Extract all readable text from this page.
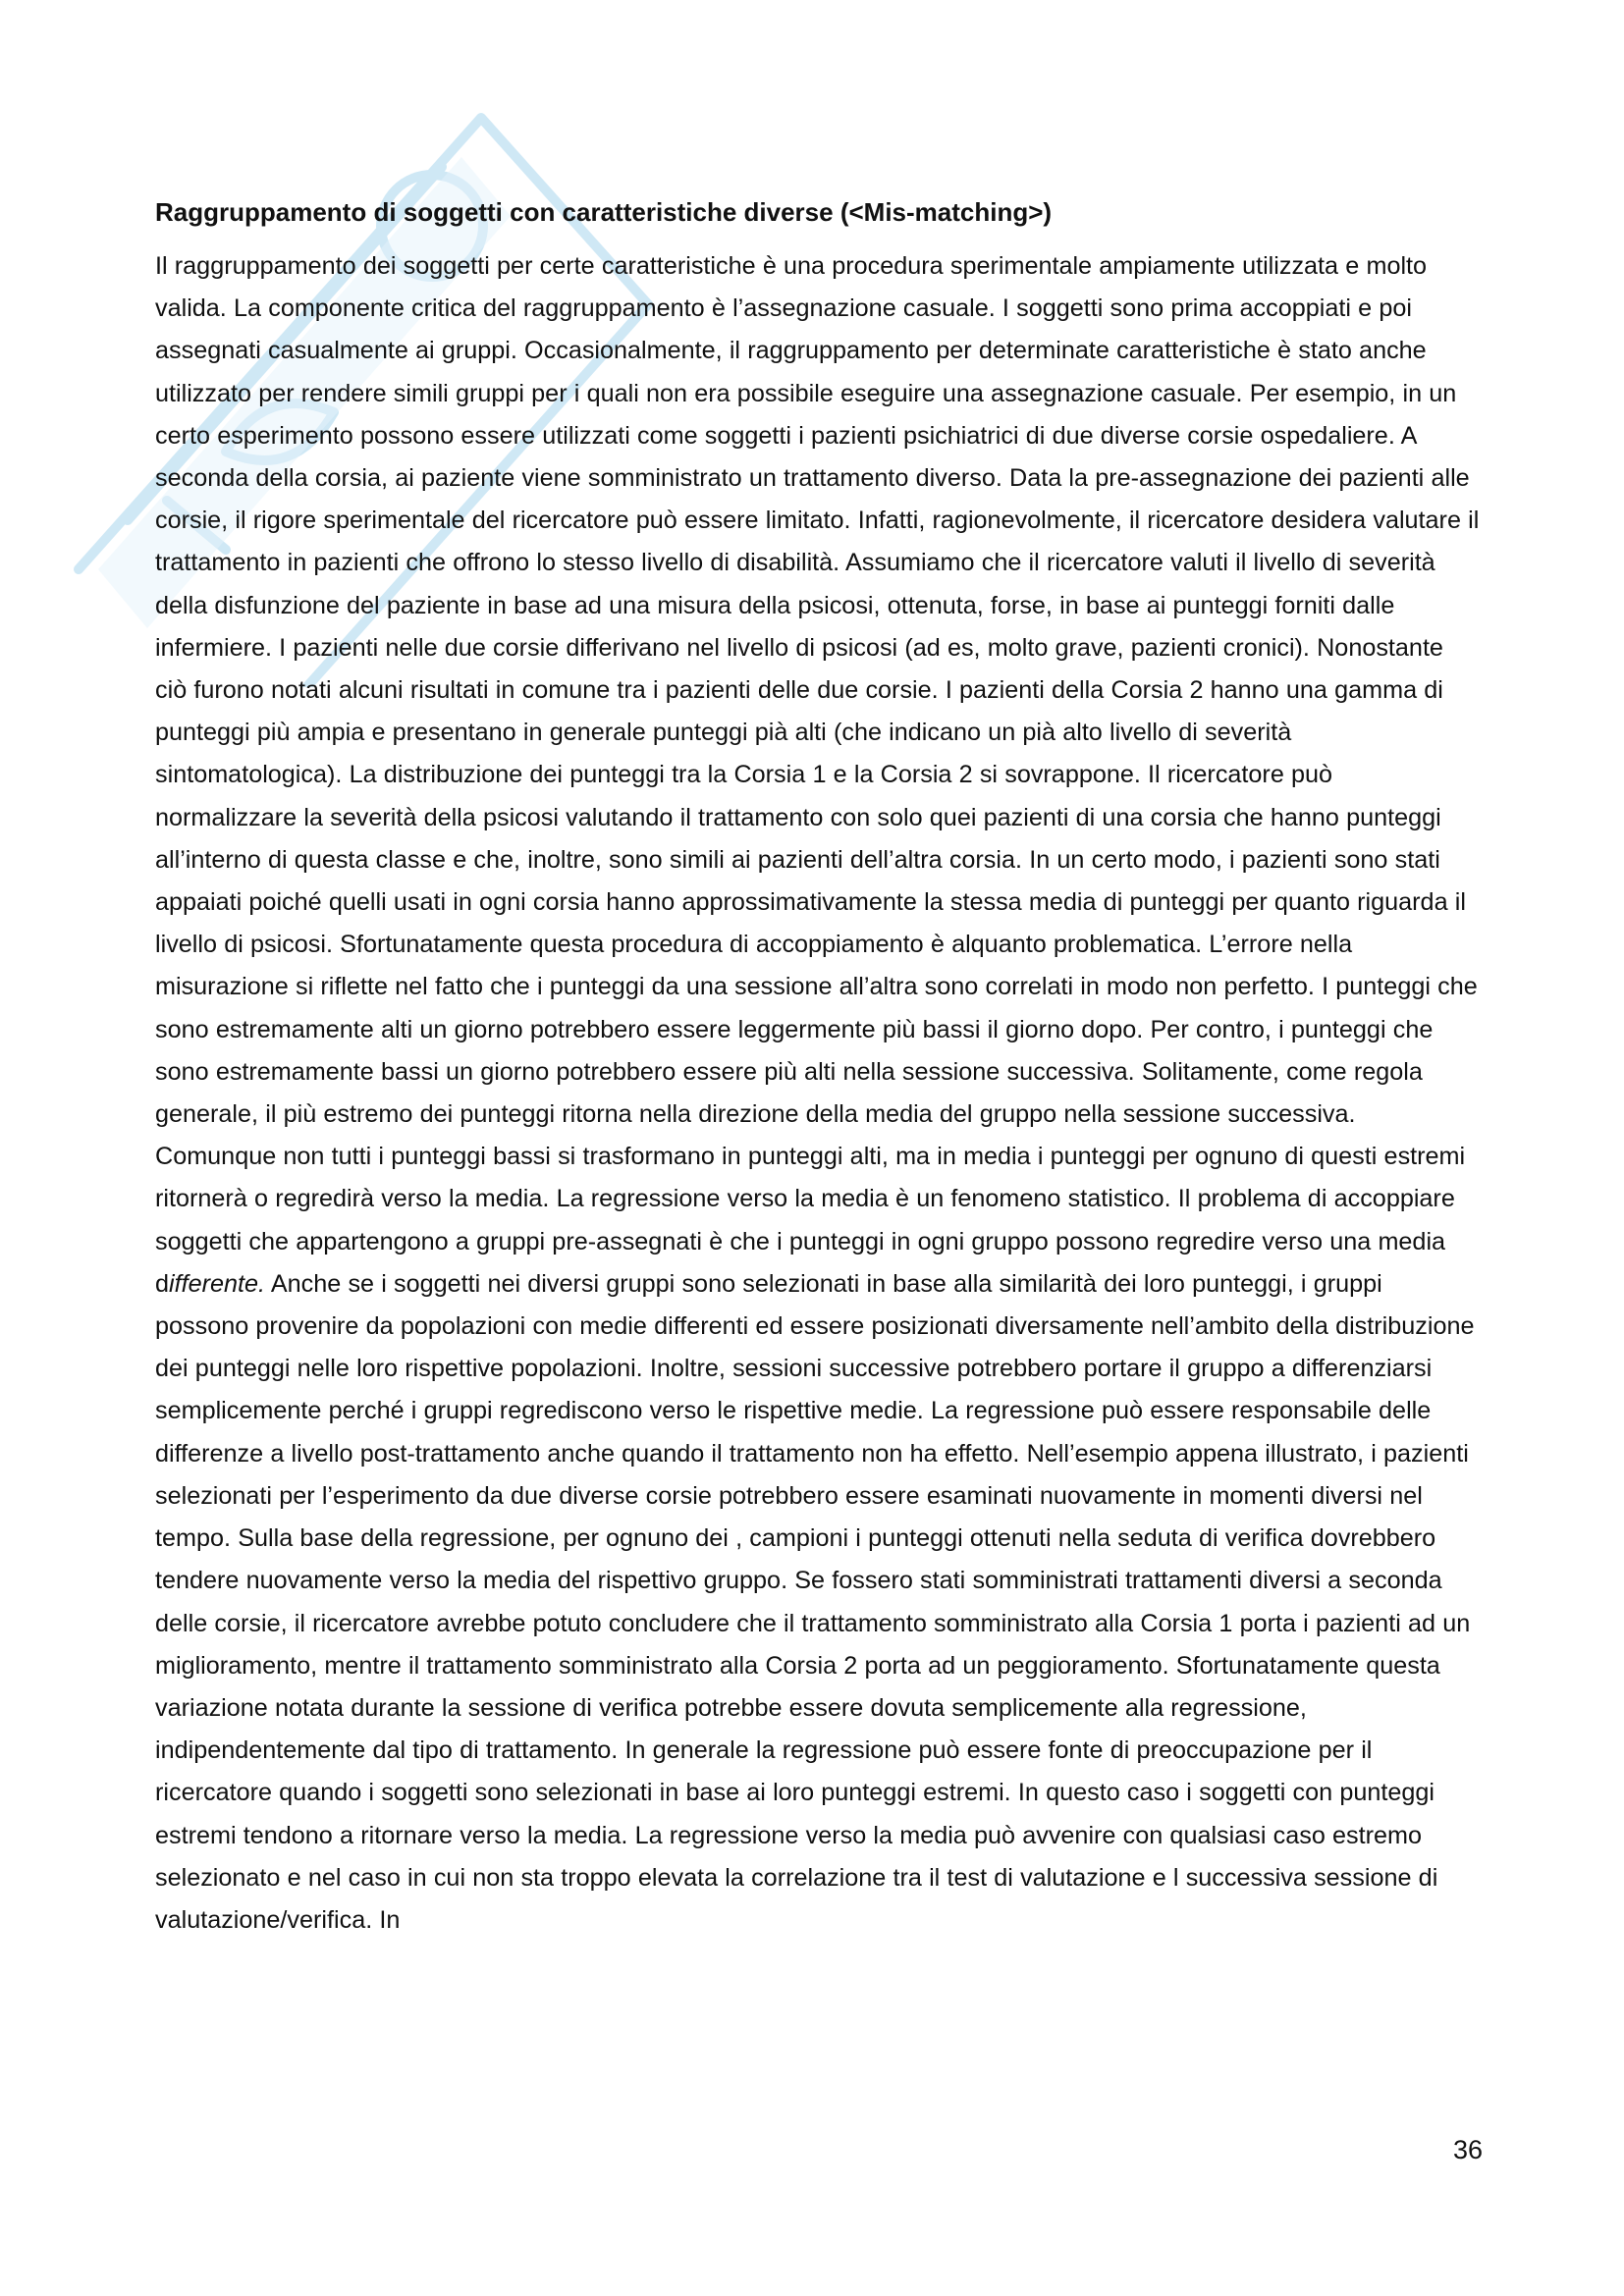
Raggruppamento di soggetti con caratteristiche diverse (<Mis-matching>)

Il raggruppamento dei soggetti per certe caratteristiche è una procedura sperimentale ampiamente utilizzata e molto valida. La componente critica del raggruppamento è l’assegnazione casuale. I soggetti sono prima accoppiati e poi assegnati casualmente ai gruppi. Occasionalmente, il raggruppamento per determinate caratteristiche è stato anche utilizzato per rendere simili gruppi per i quali non era possibile eseguire una assegnazione casuale. Per esempio, in un certo esperimento possono essere utilizzati come soggetti i pazienti psichiatrici di due diverse corsie ospedaliere. A seconda della corsia, ai paziente viene somministrato un trattamento diverso. Data la pre-assegnazione dei pazienti alle corsie, il rigore sperimentale del ricercatore può essere limitato. Infatti, ragionevolmente, il ricercatore desidera valutare il trattamento in pazienti che offrono lo stesso livello di disabilità. Assumiamo che il ricercatore valuti il livello di severità della disfunzione del paziente in base ad una misura della psicosi, ottenuta, forse, in base ai punteggi forniti dalle infermiere. I pazienti nelle due corsie differivano nel livello di psicosi (ad es, molto grave, pazienti cronici). Nonostante ciò furono notati alcuni risultati in comune tra i pazienti delle due corsie. I pazienti della Corsia 2 hanno una gamma di punteggi più ampia e presentano in generale punteggi pià alti (che indicano un pià alto livello di severità sintomatologica). La distribuzione dei punteggi tra la Corsia 1 e la Corsia 2 si sovrappone. Il ricercatore può normalizzare la severità della psicosi valutando il trattamento con solo quei pazienti di una corsia che hanno punteggi all’interno di questa classe e che, inoltre, sono simili ai pazienti dell’altra corsia. In un certo modo, i pazienti sono stati appaiati poiché quelli usati in ogni corsia hanno approssimativamente la stessa media di punteggi per quanto riguarda il livello di psicosi. Sfortunatamente questa procedura di accoppiamento è alquanto problematica. L’errore nella misurazione si riflette nel fatto che i punteggi da una sessione all’altra sono correlati in modo non perfetto. I punteggi che sono estremamente alti un giorno potrebbero essere leggermente più bassi il giorno dopo. Per contro, i punteggi che sono estremamente bassi un giorno potrebbero essere più alti nella sessione successiva. Solitamente, come regola generale, il più estremo dei punteggi ritorna nella direzione della media del gruppo nella sessione successiva. Comunque non tutti i punteggi bassi si trasformano in punteggi alti, ma in media i punteggi per ognuno di questi estremi ritornerà o regredirà verso la media. La regressione verso la media è un fenomeno statistico. Il problema di accoppiare soggetti che appartengono a gruppi pre-assegnati è che i punteggi in ogni gruppo possono regredire verso una media differente. Anche se i soggetti nei diversi gruppi sono selezionati in base alla similarità dei loro punteggi, i gruppi possono provenire da popolazioni con medie differenti ed essere posizionati diversamente nell’ambito della distribuzione dei punteggi nelle loro rispettive popolazioni. Inoltre, sessioni successive potrebbero portare il gruppo a differenziarsi semplicemente perché i gruppi regrediscono verso le rispettive medie. La regressione può essere responsabile delle differenze a livello post-trattamento anche quando il trattamento non ha effetto. Nell’esempio appena illustrato, i pazienti selezionati per l’esperimento da due diverse corsie potrebbero essere esaminati nuovamente in momenti diversi nel tempo. Sulla base della regressione, per ognuno dei , campioni i punteggi ottenuti nella seduta di verifica dovrebbero tendere nuovamente verso la media del rispettivo gruppo. Se fossero stati somministrati trattamenti diversi a seconda delle corsie, il ricercatore avrebbe potuto concludere che il trattamento somministrato alla Corsia 1 porta i pazienti ad un miglioramento, mentre il trattamento somministrato alla Corsia 2 porta ad un peggioramento. Sfortunatamente questa variazione notata durante la sessione di verifica potrebbe essere dovuta semplicemente alla regressione, indipendentemente dal tipo di trattamento. In generale la regressione può essere fonte di preoccupazione per il ricercatore quando i soggetti sono selezionati in base ai loro punteggi estremi. In questo caso i soggetti con punteggi estremi tendono a ritornare verso la media. La regressione verso la media può avvenire con qualsiasi caso estremo selezionato e nel caso in cui non sta troppo elevata la correlazione tra il test di valutazione e l successiva sessione di valutazione/verifica. In

36
